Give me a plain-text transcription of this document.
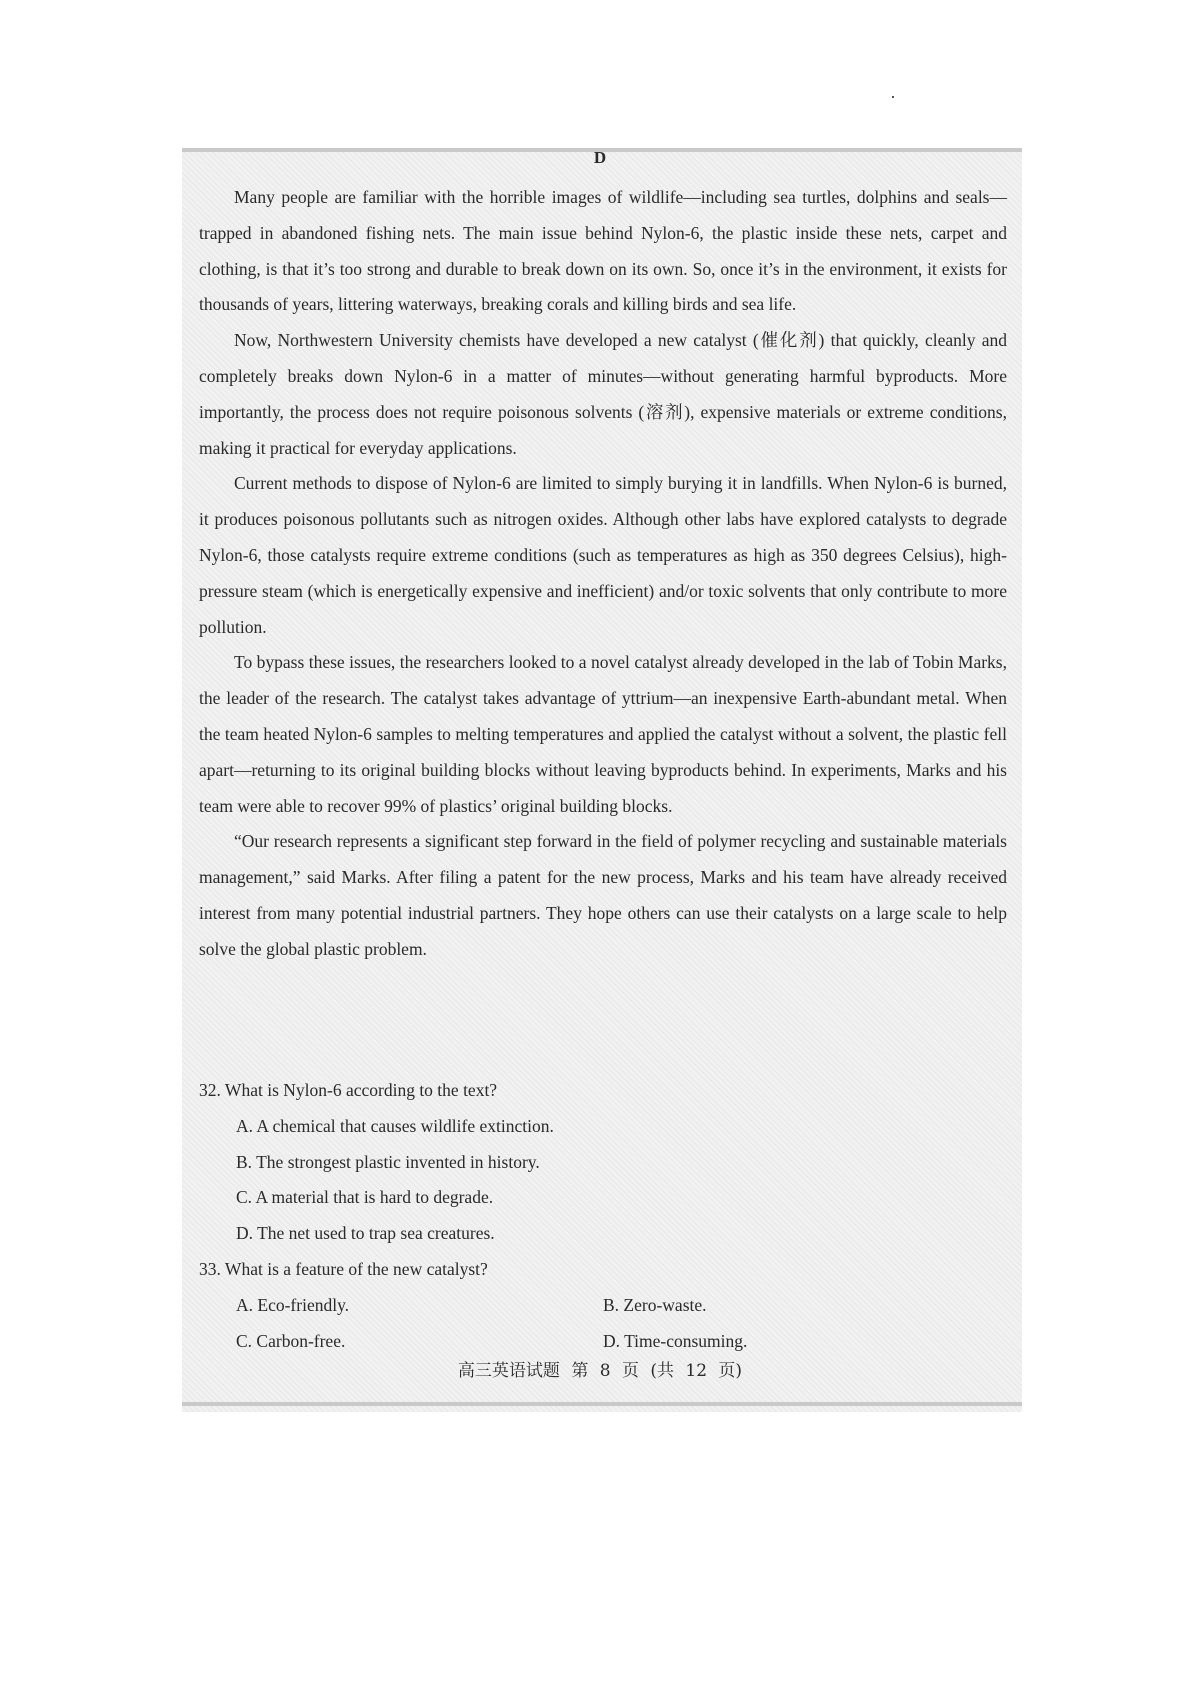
D

Many people are familiar with the horrible images of wildlife—including sea turtles, dolphins and seals—trapped in abandoned fishing nets. The main issue behind Nylon-6, the plastic inside these nets, carpet and clothing, is that it’s too strong and durable to break down on its own. So, once it’s in the environment, it exists for thousands of years, littering waterways, breaking corals and killing birds and sea life.

Now, Northwestern University chemists have developed a new catalyst (催化剂) that quickly, cleanly and completely breaks down Nylon-6 in a matter of minutes—without generating harmful byproducts. More importantly, the process does not require poisonous solvents (溶剂), expensive materials or extreme conditions, making it practical for everyday applications.

Current methods to dispose of Nylon-6 are limited to simply burying it in landfills. When Nylon-6 is burned, it produces poisonous pollutants such as nitrogen oxides. Although other labs have explored catalysts to degrade Nylon-6, those catalysts require extreme conditions (such as temperatures as high as 350 degrees Celsius), high-pressure steam (which is energetically expensive and inefficient) and/or toxic solvents that only contribute to more pollution.

To bypass these issues, the researchers looked to a novel catalyst already developed in the lab of Tobin Marks, the leader of the research. The catalyst takes advantage of yttrium—an inexpensive Earth-abundant metal. When the team heated Nylon-6 samples to melting temperatures and applied the catalyst without a solvent, the plastic fell apart—returning to its original building blocks without leaving byproducts behind. In experiments, Marks and his team were able to recover 99% of plastics’ original building blocks.

“Our research represents a significant step forward in the field of polymer recycling and sustainable materials management,” said Marks. After filing a patent for the new process, Marks and his team have already received interest from many potential industrial partners. They hope others can use their catalysts on a large scale to help solve the global plastic problem.

32. What is Nylon-6 according to the text?

A. A chemical that causes wildlife extinction.

B. The strongest plastic invented in history.

C. A material that is hard to degrade.

D. The net used to trap sea creatures.

33. What is a feature of the new catalyst?

A. Eco-friendly.	B. Zero-waste.
C. Carbon-free.	D. Time-consuming.
高三英语试题 第 8 页 (共 12 页)
